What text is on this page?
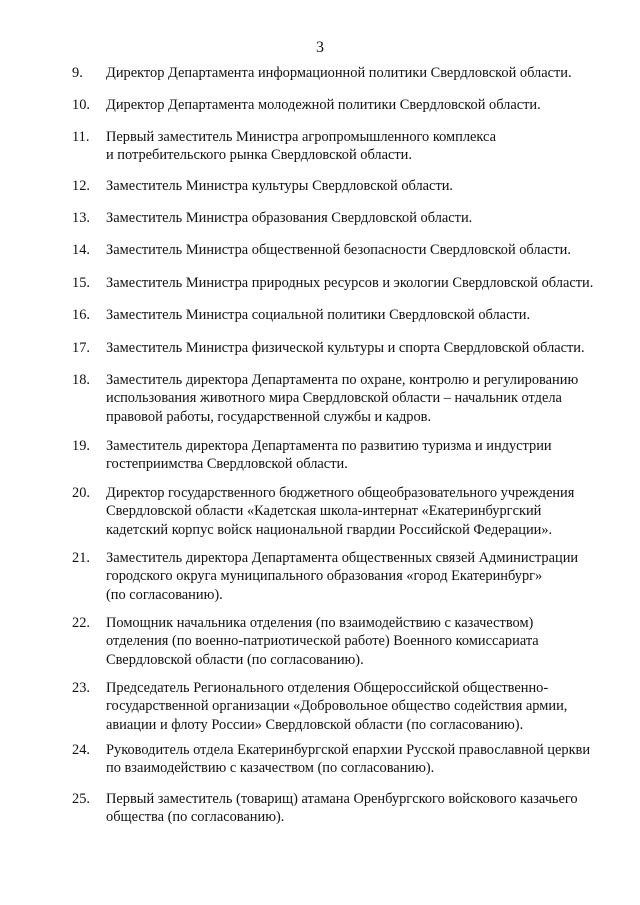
3
9. Директор Департамента информационной политики Свердловской области.
10. Директор Департамента молодежной политики Свердловской области.
11. Первый заместитель Министра агропромышленного комплекса
и потребительского рынка Свердловской области.
12. Заместитель Министра культуры Свердловской области.
13. Заместитель Министра образования Свердловской области.
14. Заместитель Министра общественной безопасности Свердловской области.
15. Заместитель Министра природных ресурсов и экологии Свердловской области.
16. Заместитель Министра социальной политики Свердловской области.
17. Заместитель Министра физической культуры и спорта Свердловской области.
18. Заместитель директора Департамента по охране, контролю и регулированию
использования животного мира Свердловской области – начальник отдела
правовой работы, государственной службы и кадров.
19. Заместитель директора Департамента по развитию туризма и индустрии
гостеприимства Свердловской области.
20. Директор государственного бюджетного общеобразовательного учреждения
Свердловской области «Кадетская школа-интернат «Екатеринбургский
кадетский корпус войск национальной гвардии Российской Федерации».
21. Заместитель директора Департамента общественных связей Администрации
городского округа муниципального образования «город Екатеринбург»
(по согласованию).
22. Помощник начальника отделения (по взаимодействию с казачеством)
отделения (по военно-патриотической работе) Военного комиссариата
Свердловской области (по согласованию).
23. Председатель Регионального отделения Общероссийской общественно-
государственной организации «Добровольное общество содействия армии,
авиации и флоту России» Свердловской области (по согласованию).
24. Руководитель отдела Екатеринбургской епархии Русской православной церкви
по взаимодействию с казачеством (по согласованию).
25. Первый заместитель (товарищ) атамана Оренбургского войскового казачьего
общества (по согласованию).
